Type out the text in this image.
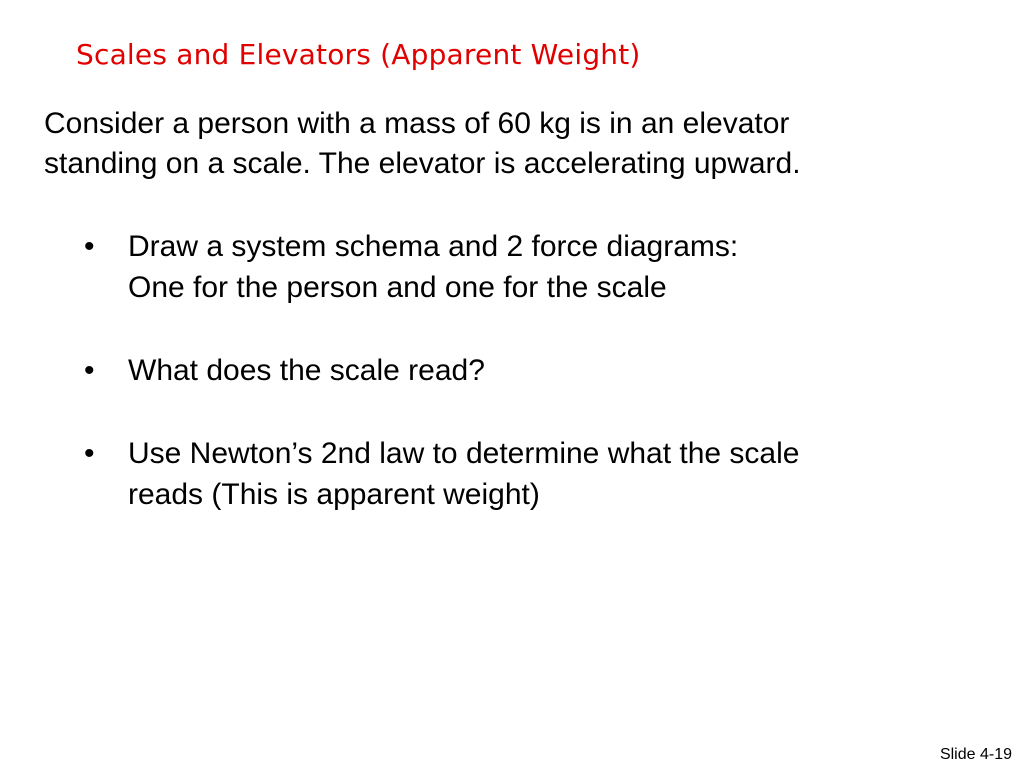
Scales and Elevators (Apparent Weight)
Consider a person with a mass of 60 kg is in an elevator
standing on a scale. The elevator is accelerating upward.
•	Draw a system schema and 2 force diagrams:
One for the person and one for the scale
•	What does the scale read?
•	Use Newton’s 2nd law to determine what the scale
reads (This is apparent weight)
Slide 4-19
